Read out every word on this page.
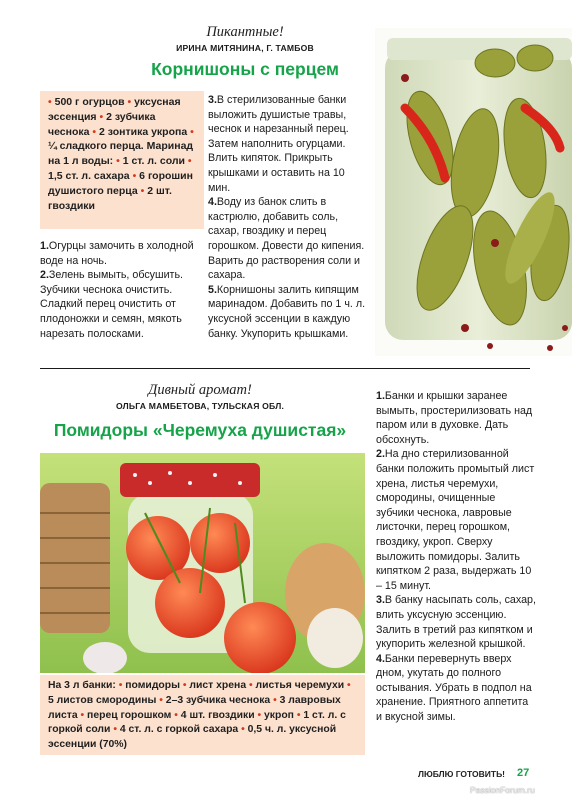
Пикантные!
ИРИНА МИТЯНИНА, Г. ТАМБОВ
Корнишоны с перцем
• 500 г огурцов • уксусная эссенция • 2 зубчика чеснока • 2 зонтика укропа • ¼ сладкого перца. Маринад на 1 л воды: • 1 ст. л. соли • 1,5 ст. л. сахара • 6 горошин душистого перца • 2 шт. гвоздики

1.Огурцы замочить в холодной воде на ночь.

2.Зелень вымыть, обсушить. Зубчики чеснока очистить. Сладкий перец очистить от плодоножки и семян, мякоть нарезать полосками.

3.В стерилизованные банки выложить душистые травы, чеснок и нарезанный перец. Затем наполнить огурцами. Влить кипяток. Прикрыть крышками и оставить на 10 мин.

4.Воду из банок слить в кастрюлю, добавить соль, сахар, гвоздику и перец горошком. Довести до кипения. Варить до растворения соли и сахара.

5.Корнишоны залить кипящим маринадом. Добавить по 1 ч. л. уксусной эссенции в каждую банку. Укупорить крышками.

Дивный аромат!
ОЛЬГА МАМБЕТОВА, ТУЛЬСКАЯ ОБЛ.
Помидоры «Черемуха душистая»
На 3 л банки: • помидоры • лист хрена • листья черемухи • 5 листов смородины • 2–3 зубчика чеснока • 3 лавровых листа • перец горошком • 4 шт. гвоздики • укроп • 1 ст. л. с горкой соли • 4 ст. л. с горкой сахара • 0,5 ч. л. уксусной эссенции (70%)

1.Банки и крышки заранее вымыть, простерилизовать над паром или в духовке. Дать обсохнуть.

2.На дно стерилизованной банки положить промытый лист хрена, листья черемухи, смородины, очищенные зубчики чеснока, лавровые листочки, перец горошком, гвоздику, укроп. Сверху выложить помидоры. Залить кипятком 2 раза, выдержать 10 – 15 минут.

3.В банку насыпать соль, сахар, влить уксусную эссенцию. Залить в третий раз кипятком и укупорить железной крышкой.

4.Банки перевернуть вверх дном, укутать до полного остывания. Убрать в подпол на хранение. Приятного аппетита и вкусной зимы.

ЛЮБЛЮ ГОТОВИТЬ! 27
PassionForum.ru
